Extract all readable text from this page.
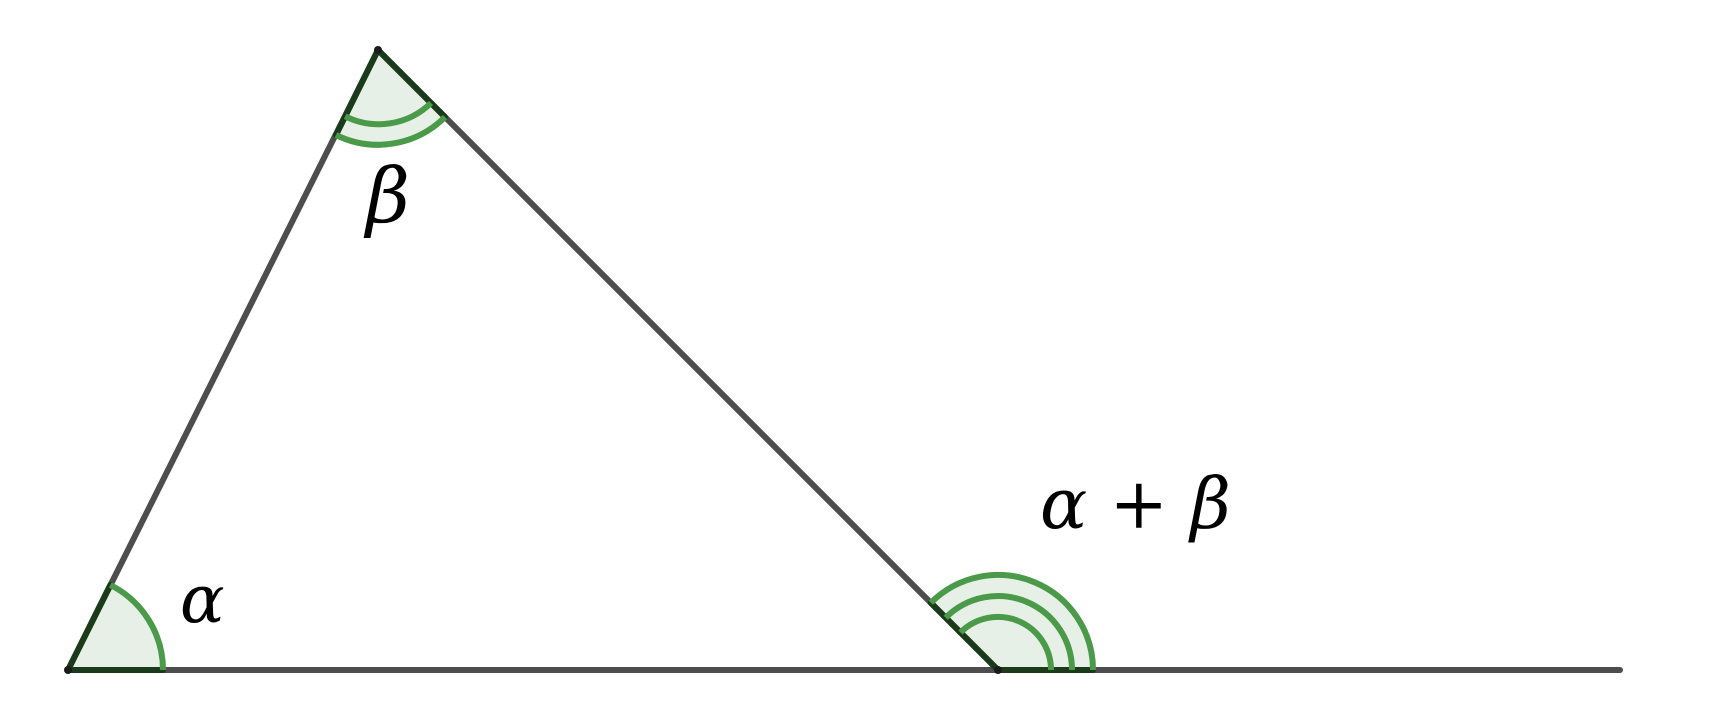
α
β
α + β
